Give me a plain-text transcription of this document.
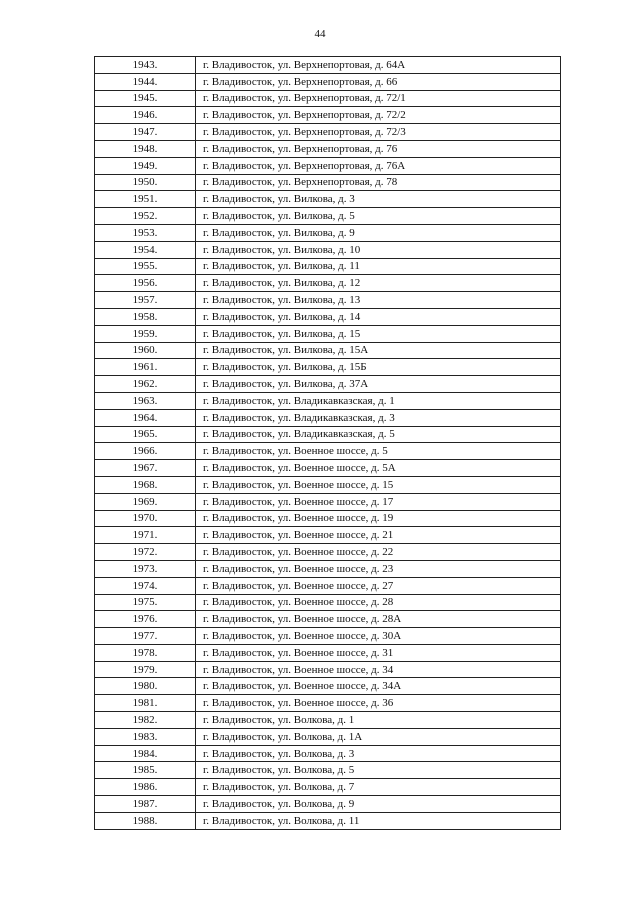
44
1943.	г. Владивосток, ул. Верхнепортовая, д. 64А
1944.	г. Владивосток, ул. Верхнепортовая, д. 66
1945.	г. Владивосток, ул. Верхнепортовая, д. 72/1
1946.	г. Владивосток, ул. Верхнепортовая, д. 72/2
1947.	г. Владивосток, ул. Верхнепортовая, д. 72/3
1948.	г. Владивосток, ул. Верхнепортовая, д. 76
1949.	г. Владивосток, ул. Верхнепортовая, д. 76А
1950.	г. Владивосток, ул. Верхнепортовая, д. 78
1951.	г. Владивосток, ул. Вилкова, д. 3
1952.	г. Владивосток, ул. Вилкова, д. 5
1953.	г. Владивосток, ул. Вилкова, д. 9
1954.	г. Владивосток, ул. Вилкова, д. 10
1955.	г. Владивосток, ул. Вилкова, д. 11
1956.	г. Владивосток, ул. Вилкова, д. 12
1957.	г. Владивосток, ул. Вилкова, д. 13
1958.	г. Владивосток, ул. Вилкова, д. 14
1959.	г. Владивосток, ул. Вилкова, д. 15
1960.	г. Владивосток, ул. Вилкова, д. 15А
1961.	г. Владивосток, ул. Вилкова, д. 15Б
1962.	г. Владивосток, ул. Вилкова, д. 37А
1963.	г. Владивосток, ул. Владикавказская, д. 1
1964.	г. Владивосток, ул. Владикавказская, д. 3
1965.	г. Владивосток, ул. Владикавказская, д. 5
1966.	г. Владивосток, ул. Военное шоссе, д. 5
1967.	г. Владивосток, ул. Военное шоссе, д. 5А
1968.	г. Владивосток, ул. Военное шоссе, д. 15
1969.	г. Владивосток, ул. Военное шоссе, д. 17
1970.	г. Владивосток, ул. Военное шоссе, д. 19
1971.	г. Владивосток, ул. Военное шоссе, д. 21
1972.	г. Владивосток, ул. Военное шоссе, д. 22
1973.	г. Владивосток, ул. Военное шоссе, д. 23
1974.	г. Владивосток, ул. Военное шоссе, д. 27
1975.	г. Владивосток, ул. Военное шоссе, д. 28
1976.	г. Владивосток, ул. Военное шоссе, д. 28А
1977.	г. Владивосток, ул. Военное шоссе, д. 30А
1978.	г. Владивосток, ул. Военное шоссе, д. 31
1979.	г. Владивосток, ул. Военное шоссе, д. 34
1980.	г. Владивосток, ул. Военное шоссе, д. 34А
1981.	г. Владивосток, ул. Военное шоссе, д. 36
1982.	г. Владивосток, ул. Волкова, д. 1
1983.	г. Владивосток, ул. Волкова, д. 1А
1984.	г. Владивосток, ул. Волкова, д. 3
1985.	г. Владивосток, ул. Волкова, д. 5
1986.	г. Владивосток, ул. Волкова, д. 7
1987.	г. Владивосток, ул. Волкова, д. 9
1988.	г. Владивосток, ул. Волкова, д. 11
